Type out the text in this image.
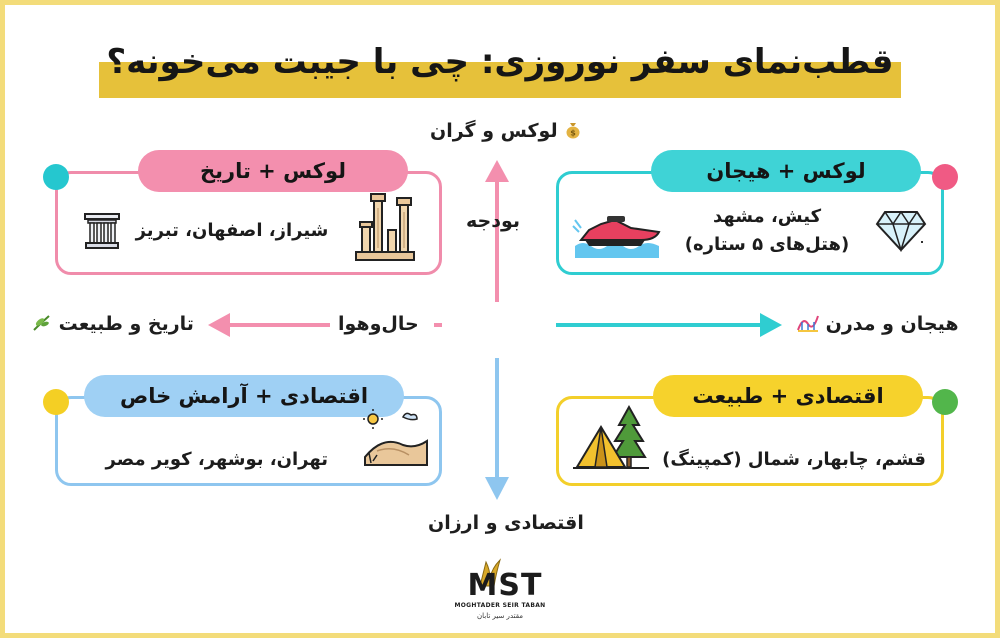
قطب‌نمای سفر نوروزی: چی با جیبت می‌خونه؟
$
لوکس و گران
اقتصادی و ارزان
تاریخ و طبیعت	هیجان و مدرن
بودجه
حال‌وهوا
لوکس + تاریخ
شیراز، اصفهان، تبریز
لوکس + هیجان
کیش، مشهد
(هتل‌های ۵ ستاره)
اقتصادی + آرامش خاص
تهران، بوشهر، کویر مصر
اقتصادی + طبیعت
قشم، چابهار، شمال (کمپینگ)
MST
MOGHTADER SEIR TABAN
مقتدر سیر تابان
